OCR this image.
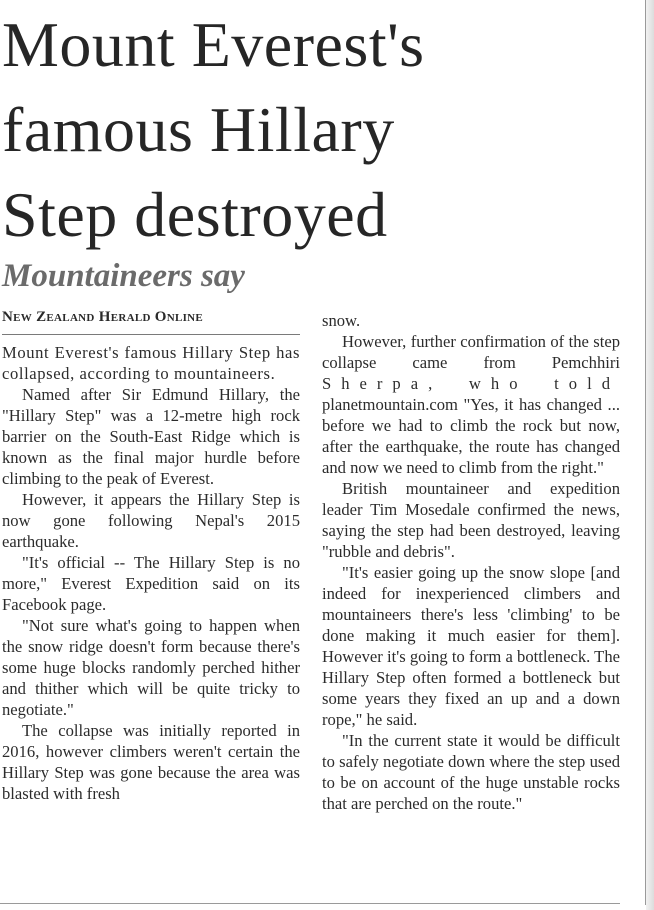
Mount Everest's
famous Hillary
Step destroyed
Mountaineers say
New Zealand Herald Online

Mount Everest's famous Hillary Step has collapsed, according to mountaineers.

Named after Sir Edmund Hillary, the "Hillary Step" was a 12-metre high rock barrier on the South-East Ridge which is known as the final major hurdle before climbing to the peak of Everest.

However, it appears the Hillary Step is now gone following Nepal's 2015 earthquake.

"It's official -- The Hillary Step is no more," Everest Expedition said on its Facebook page.

"Not sure what's going to happen when the snow ridge doesn't form because there's some huge blocks randomly perched hither and thither which will be quite tricky to negotiate."

The collapse was initially reported in 2016, however climbers weren't certain the Hillary Step was gone because the area was blasted with fresh

snow.

However, further confirmation of the step collapse came from Pemchhiri Sherpa, who told planetmountain.com "Yes, it has changed ... before we had to climb the rock but now, after the earthquake, the route has changed and now we need to climb from the right."

British mountaineer and expedition leader Tim Mosedale confirmed the news, saying the step had been destroyed, leaving "rubble and debris".

"It's easier going up the snow slope [and indeed for inexperienced climbers and mountaineers there's less 'climbing' to be done making it much easier for them]. However it's going to form a bottleneck. The Hillary Step often formed a bottleneck but some years they fixed an up and a down rope," he said.

"In the current state it would be difficult to safely negotiate down where the step used to be on account of the huge unstable rocks that are perched on the route."
